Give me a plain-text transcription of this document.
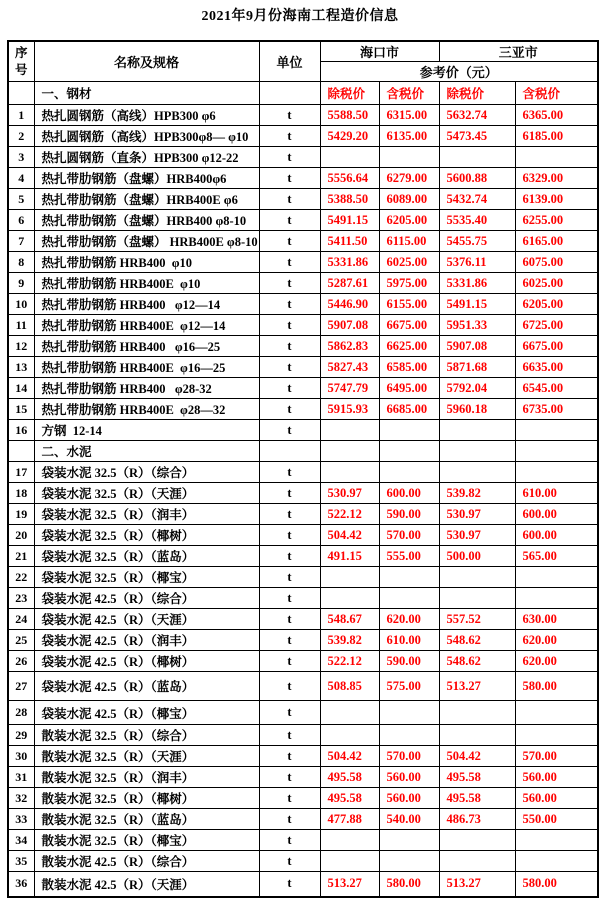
2021年9月份海南工程造价信息
序号	名称及规格	单位	海口市		三亚市	
			参考价（元）			
	一、钢材		除税价	含税价	除税价	含税价
1	热扎圆钢筋（高线）HPB300 φ6	t	5588.50	6315.00	5632.74	6365.00
2	热扎圆钢筋（高线）HPB300φ8— φ10	t	5429.20	6135.00	5473.45	6185.00
3	热扎圆钢筋（直条）HPB300 φ12-22	t				
4	热扎带肋钢筋（盘螺）HRB400φ6	t	5556.64	6279.00	5600.88	6329.00
5	热扎带肋钢筋（盘螺）HRB400E φ6	t	5388.50	6089.00	5432.74	6139.00
6	热扎带肋钢筋（盘螺）HRB400 φ8-10	t	5491.15	6205.00	5535.40	6255.00
7	热扎带肋钢筋（盘螺） HRB400E φ8-10	t	5411.50	6115.00	5455.75	6165.00
8	热扎带肋钢筋 HRB400  φ10	t	5331.86	6025.00	5376.11	6075.00
9	热扎带肋钢筋 HRB400E  φ10	t	5287.61	5975.00	5331.86	6025.00
10	热扎带肋钢筋 HRB400   φ12—14	t	5446.90	6155.00	5491.15	6205.00
11	热扎带肋钢筋 HRB400E  φ12—14	t	5907.08	6675.00	5951.33	6725.00
12	热扎带肋钢筋 HRB400   φ16—25	t	5862.83	6625.00	5907.08	6675.00
13	热扎带肋钢筋 HRB400E  φ16—25	t	5827.43	6585.00	5871.68	6635.00
14	热扎带肋钢筋 HRB400   φ28-32	t	5747.79	6495.00	5792.04	6545.00
15	热扎带肋钢筋 HRB400E  φ28—32	t	5915.93	6685.00	5960.18	6735.00
16	方钢  12-14	t				
	二、水泥					
17	袋装水泥 32.5（R）（综合）	t				
18	袋装水泥 32.5（R）（天涯）	t	530.97	600.00	539.82	610.00
19	袋装水泥 32.5（R）（润丰）	t	522.12	590.00	530.97	600.00
20	袋装水泥 32.5（R）（椰树）	t	504.42	570.00	530.97	600.00
21	袋装水泥 32.5（R）（蓝岛）	t	491.15	555.00	500.00	565.00
22	袋装水泥 32.5（R）（椰宝）	t				
23	袋装水泥 42.5（R）（综合）	t				
24	袋装水泥 42.5（R）（天涯）	t	548.67	620.00	557.52	630.00
25	袋装水泥 42.5（R）（润丰）	t	539.82	610.00	548.62	620.00
26	袋装水泥 42.5（R）（椰树）	t	522.12	590.00	548.62	620.00
27	袋装水泥 42.5（R）（蓝岛）	t	508.85	575.00	513.27	580.00
28	袋装水泥 42.5（R）（椰宝）	t				
29	散装水泥 32.5（R）（综合）	t				
30	散装水泥 32.5（R）（天涯）	t	504.42	570.00	504.42	570.00
31	散装水泥 32.5（R）（润丰）	t	495.58	560.00	495.58	560.00
32	散装水泥 32.5（R）（椰树）	t	495.58	560.00	495.58	560.00
33	散装水泥 32.5（R）（蓝岛）	t	477.88	540.00	486.73	550.00
34	散装水泥 32.5（R）（椰宝）	t				
35	散装水泥 42.5（R）（综合）	t				
36	散装水泥 42.5（R）（天涯）	t	513.27	580.00	513.27	580.00
